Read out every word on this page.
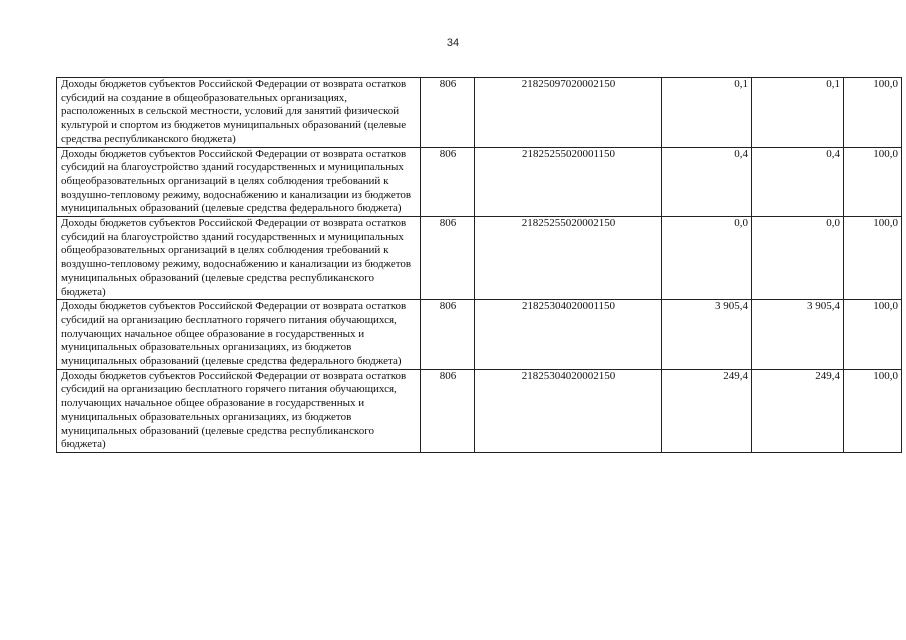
34
Доходы бюджетов субъектов Российской Федерации от возврата остатков субсидий на создание в общеобразовательных организациях, расположенных в сельской местности, условий для занятий физической культурой и спортом из бюджетов муниципальных образований (целевые средства республиканского бюджета)	806	21825097020002150	0,1	0,1	100,0
Доходы бюджетов субъектов Российской Федерации от возврата остатков субсидий на благоустройство зданий государственных и муниципальных общеобразовательных организаций в целях соблюдения требований к воздушно-тепловому режиму, водоснабжению и канализации из бюджетов муниципальных образований (целевые средства федерального бюджета)	806	21825255020001150	0,4	0,4	100,0
Доходы бюджетов субъектов Российской Федерации от возврата остатков субсидий на благоустройство зданий государственных и муниципальных общеобразовательных организаций в целях соблюдения требований к воздушно-тепловому режиму, водоснабжению и канализации из бюджетов муниципальных образований (целевые средства республиканского бюджета)	806	21825255020002150	0,0	0,0	100,0
Доходы бюджетов субъектов Российской Федерации от возврата остатков субсидий на организацию бесплатного горячего питания обучающихся, получающих начальное общее образование в государственных и муниципальных образовательных организациях, из бюджетов муниципальных образований (целевые средства федерального бюджета)	806	21825304020001150	3 905,4	3 905,4	100,0
Доходы бюджетов субъектов Российской Федерации от возврата остатков субсидий на организацию бесплатного горячего питания обучающихся, получающих начальное общее образование в государственных и муниципальных образовательных организациях, из бюджетов муниципальных образований (целевые средства республиканского бюджета)	806	21825304020002150	249,4	249,4	100,0
